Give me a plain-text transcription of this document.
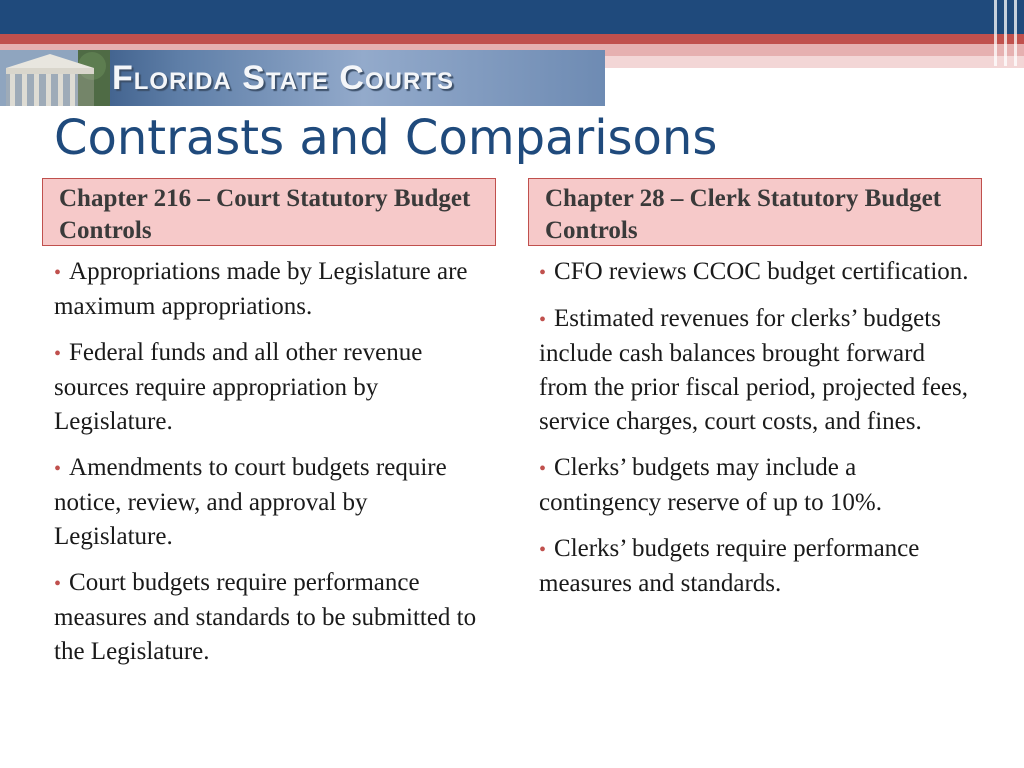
Florida State Courts
Contrasts and Comparisons
Chapter 216 – Court Statutory Budget Controls
Chapter 28 – Clerk Statutory Budget Controls
• Appropriations made by Legislature are maximum appropriations.
• Federal funds and all other revenue sources require appropriation by Legislature.
• Amendments to court budgets require notice, review, and approval by Legislature.
• Court budgets require performance measures and standards to be submitted to the Legislature.
• CFO reviews CCOC budget certification.
• Estimated revenues for clerks’ budgets include cash balances brought forward from the prior fiscal period, projected fees, service charges, court costs, and fines.
• Clerks’ budgets may include a contingency reserve of up to 10%.
• Clerks’ budgets require performance measures and standards.
